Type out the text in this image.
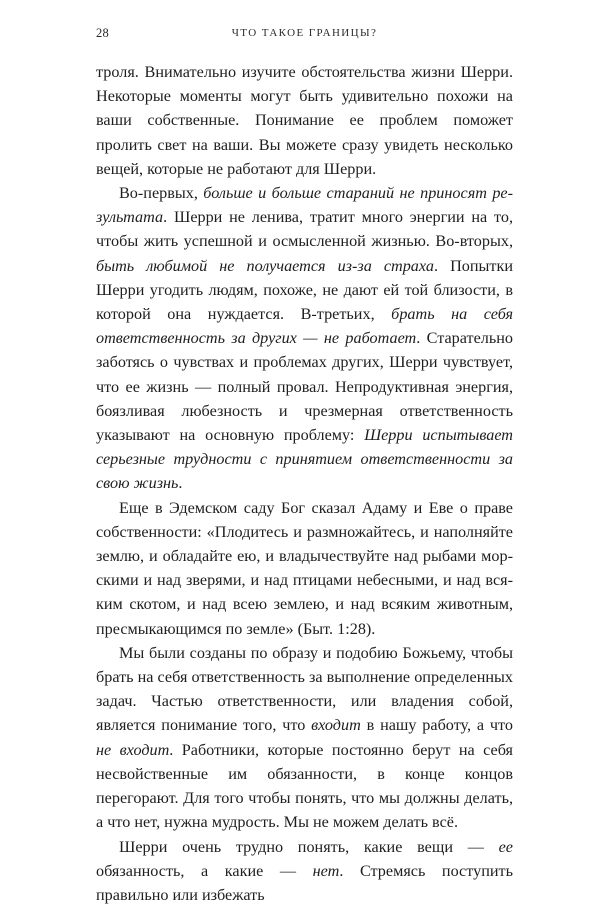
28	ЧТО ТАКОЕ ГРАНИЦЫ?

троля. Внимательно изучите обстоятельства жизни Шерри. Некоторые моменты могут быть удивительно похожи на ваши собственные. Понимание ее проблем поможет пролить свет на ваши. Вы можете сразу увидеть несколько вещей, которые не работают для Шерри.

Во-первых, больше и больше стараний не приносят результата. Шерри не ленива, тратит много энергии на то, чтобы жить успешной и осмысленной жизнью. Во-вторых, быть любимой не получается из-за страха. Попытки Шерри угодить людям, похоже, не дают ей той близости, в которой она нуждается. В-третьих, брать на себя ответственность за других — не работает. Старательно заботясь о чувствах и проблемах других, Шерри чувствует, что ее жизнь — полный провал. Непродуктивная энергия, боязливая любезность и чрезмерная ответственность указывают на основную проблему: Шерри испытывает серьезные трудности с принятием ответственности за свою жизнь.

Еще в Эдемском саду Бог сказал Адаму и Еве о праве собственности: «Плодитесь и размножайтесь, и наполняйте землю, и обладайте ею, и владычествуйте над рыбами морскими и над зверями, и над птицами небесными, и над всяким скотом, и над всею землею, и над всяким животным, пресмыкающимся по земле» (Быт. 1:28).

Мы были созданы по образу и подобию Божьему, чтобы брать на себя ответственность за выполнение определенных задач. Частью ответственности, или владения собой, является понимание того, что входит в нашу работу, а что не входит. Работники, которые постоянно берут на себя несвойственные им обязанности, в конце концов перегорают. Для того чтобы понять, что мы должны делать, а что нет, нужна мудрость. Мы не можем делать всё.

Шерри очень трудно понять, какие вещи — ее обязанность, а какие — нет. Стремясь поступить правильно или избежать
